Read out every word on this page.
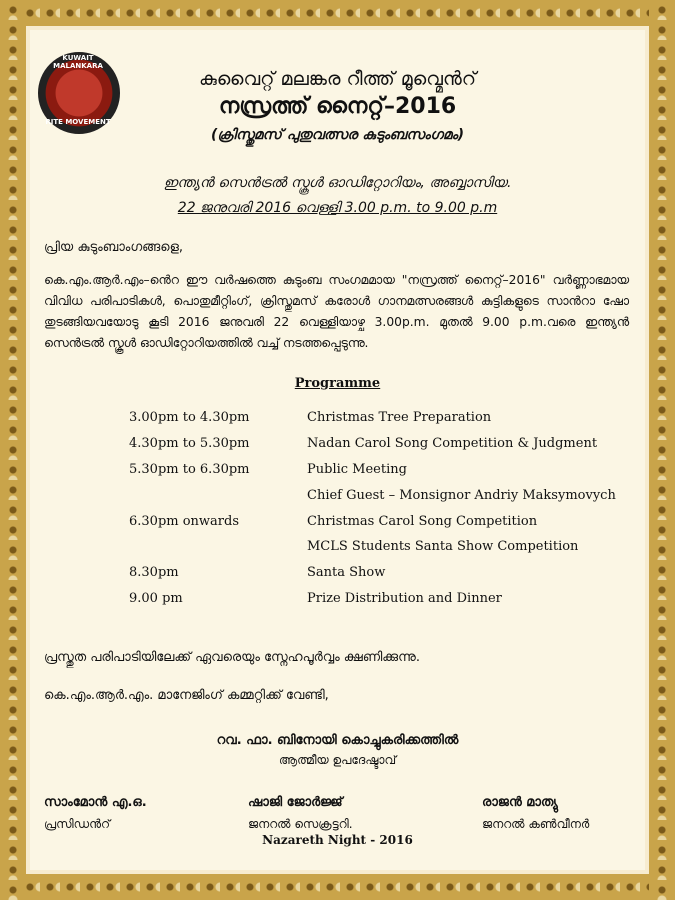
KUWAIT MALANKARA
RITE MOVEMENT
കുവൈറ്റ് മലങ്കര റീത്ത് മൂവ്മെൻറ്
നസ്രത്ത് നൈറ്റ്–2016
(ക്രിസ്തുമസ് പുതുവത്സര കുടുംബസംഗമം)
ഇന്ത്യൻ സെൻട്രൽ സ്കൂൾ ഓഡിറ്റോറിയം, അബ്ബാസിയ.
22 ജനുവരി 2016 വെള്ളി 3.00 p.m. to 9.00 p.m
പ്രിയ കുടുംബാംഗങ്ങളെ,
കെ.എം.ആർ.എം–ൻെറ ഈ വർഷത്തെ കുടുംബ സംഗമമായ "നസ്രത്ത് നൈറ്റ്–2016" വർണ്ണാഭമായ വിവിധ പരിപാടികൾ, പൊതുമീറ്റിംഗ്, ക്രിസ്തുമസ് കരോൾ ഗാനമത്സരങ്ങൾ കുട്ടികളുടെ സാൻറാ ഷോ തുടങ്ങിയവയോടു കൂടി 2016 ജനുവരി 22 വെള്ളിയാഴ്ച 3.00p.m. മുതൽ 9.00 p.m.വരെ ഇന്ത്യൻ സെൻട്രൽ സ്കൂൾ ഓഡിറ്റോറിയത്തിൽ വച്ച് നടത്തപ്പെടുന്നു.
Programme
3.00pm to 4.30pm	Christmas Tree Preparation
4.30pm to 5.30pm	Nadan Carol Song Competition & Judgment
5.30pm to 6.30pm	Public Meeting
Chief Guest – Monsignor Andriy Maksymovych
6.30pm onwards	Christmas Carol Song Competition
MCLS Students Santa Show Competition
8.30pm	Santa Show
9.00 pm	Prize Distribution and Dinner
പ്രസ്തുത പരിപാടിയിലേക്ക് ഏവരെയും സ്നേഹപൂർവ്വം ക്ഷണിക്കുന്നു.
കെ.എം.ആർ.എം. മാനേജിംഗ് കമ്മറ്റിക്ക് വേണ്ടി,
റവ. ഫാ. ബിനോയി കൊച്ചുകരിക്കത്തിൽ
ആത്മീയ ഉപദേഷ്ടാവ്
സാംമോൻ എ.ഒ.
പ്രസിഡൻറ്
ഷാജി ജോർജ്ജ്
ജനറൽ സെക്രട്ടറി.
രാജൻ മാത്യു
ജനറൽ കൺവീനർ
Nazareth Night - 2016
